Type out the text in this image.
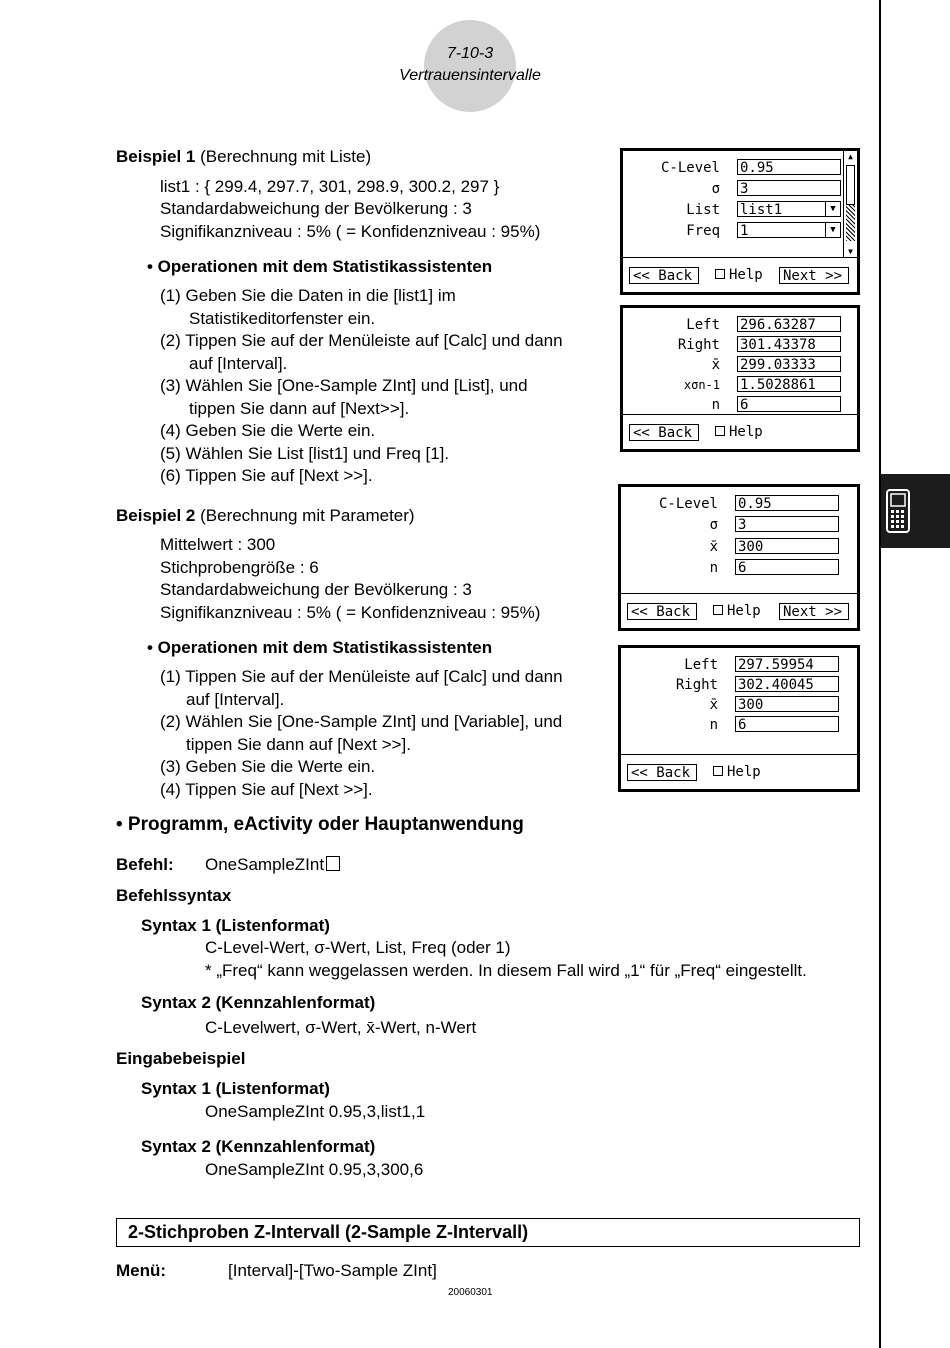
7-10-3
Vertrauensintervalle
Beispiel 1 (Berechnung mit Liste)
list1 : { 299.4, 297.7, 301, 298.9, 300.2, 297 }
Standardabweichung der Bevölkerung : 3
Signifikanzniveau : 5% ( = Konfidenzniveau : 95%)
• Operationen mit dem Statistikassistenten
(1) Geben Sie die Daten in die [list1] im
Statistikeditorfenster ein.
(2) Tippen Sie auf der Menüleiste auf [Calc] und dann
auf [Interval].
(3) Wählen Sie [One-Sample ZInt] und [List], und
tippen Sie dann auf [Next>>].
(4) Geben Sie die Werte ein.
(5) Wählen Sie List [list1] und Freq [1].
(6) Tippen Sie auf [Next >>].
Beispiel 2 (Berechnung mit Parameter)
Mittelwert : 300
Stichprobengröße : 6
Standardabweichung der Bevölkerung : 3
Signifikanzniveau : 5% ( = Konfidenzniveau : 95%)
• Operationen mit dem Statistikassistenten
(1) Tippen Sie auf der Menüleiste auf [Calc] und dann
auf [Interval].
(2) Wählen Sie [One-Sample ZInt] und [Variable], und
tippen Sie dann auf [Next >>].
(3) Geben Sie die Werte ein.
(4) Tippen Sie auf [Next >>].
C-Level 0.95
σ 3
List list1	▼
Freq 1	▼
▲
▼
<< Back	Help Next >>
Left 296.63287
Right 301.43378
x̄ 299.03333
xσn-1 1.5028861
n 6
<< Back	Help
C-Level 0.95
σ 3
x̄ 300
n 6
<< Back	Help Next >>
Left 297.59954
Right 302.40045
x̄ 300
n 6
<< Back	Help
• Programm, eActivity oder Hauptanwendung
Befehl: OneSampleZInt
Befehlssyntax
Syntax 1 (Listenformat)
C-Level-Wert, σ-Wert, List, Freq (oder 1)
* „Freq“ kann weggelassen werden. In diesem Fall wird „1“ für „Freq“ eingestellt.
Syntax 2 (Kennzahlenformat)
C-Levelwert, σ-Wert, x̄-Wert, n-Wert
Eingabebeispiel
Syntax 1 (Listenformat)
OneSampleZInt 0.95,3,list1,1
Syntax 2 (Kennzahlenformat)
OneSampleZInt 0.95,3,300,6
2-Stichproben Z-Intervall (2-Sample Z-Intervall)
Menü:	[Interval]-[Two-Sample ZInt]
20060301
